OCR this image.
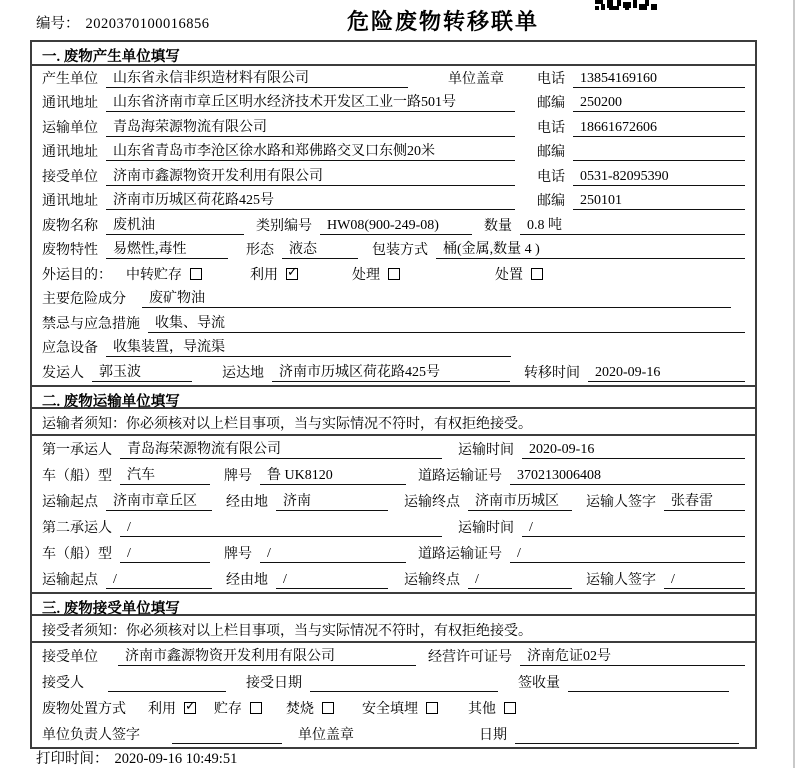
编号： 2020370100016856	危险废物转移联单
一. 废物产生单位填写
产生单位	山东省永信非织造材料有限公司	单位盖章 电话	13854169160
通讯地址	山东省济南市章丘区明水经济技术开发区工业一路501号	邮编	250200
运输单位	青岛海荣源物流有限公司	电话	18661672606
通讯地址	山东省青岛市李沧区徐水路和郑佛路交叉口东侧20米	邮编
接受单位	济南市鑫源物资开发利用有限公司	电话	0531-82095390
通讯地址	济南市历城区荷花路425号	邮编	250101
废物名称	废机油	类别编号	HW08(900-249-08)	数量	0.8 吨
废物特性	易燃性,毒性	形态	液态	包装方式	桶(金属,数量 4 )
外运目的： 中转贮存	利用 ✓	处理	处置
主要危险成分	废矿物油
禁忌与应急措施	收集、导流
应急设备	收集装置，导流渠
发运人	郭玉波	运达地	济南市历城区荷花路425号	转移时间	2020-09-16
二. 废物运输单位填写
运输者须知：你必须核对以上栏目事项，当与实际情况不符时，有权拒绝接受。
第一承运人	青岛海荣源物流有限公司	运输时间	2020-09-16
车（船）型	汽车	牌号	鲁 UK8120	道路运输证号	370213006408
运输起点	济南市章丘区	经由地	济南	运输终点	济南市历城区	运输人签字	张春雷
第二承运人	/	运输时间	/
车（船）型	/	牌号	/	道路运输证号	/
运输起点	/	经由地	/	运输终点	/	运输人签字	/
三. 废物接受单位填写
接受者须知：你必须核对以上栏目事项，当与实际情况不符时，有权拒绝接受。
接受单位	济南市鑫源物资开发利用有限公司	经营许可证号	济南危证02号
接受人	接受日期	签收量
废物处置方式 利用 ✓	贮存	焚烧	安全填埋	其他
单位负责人签字	单位盖章	日期
打印时间： 2020-09-16 10:49:51
